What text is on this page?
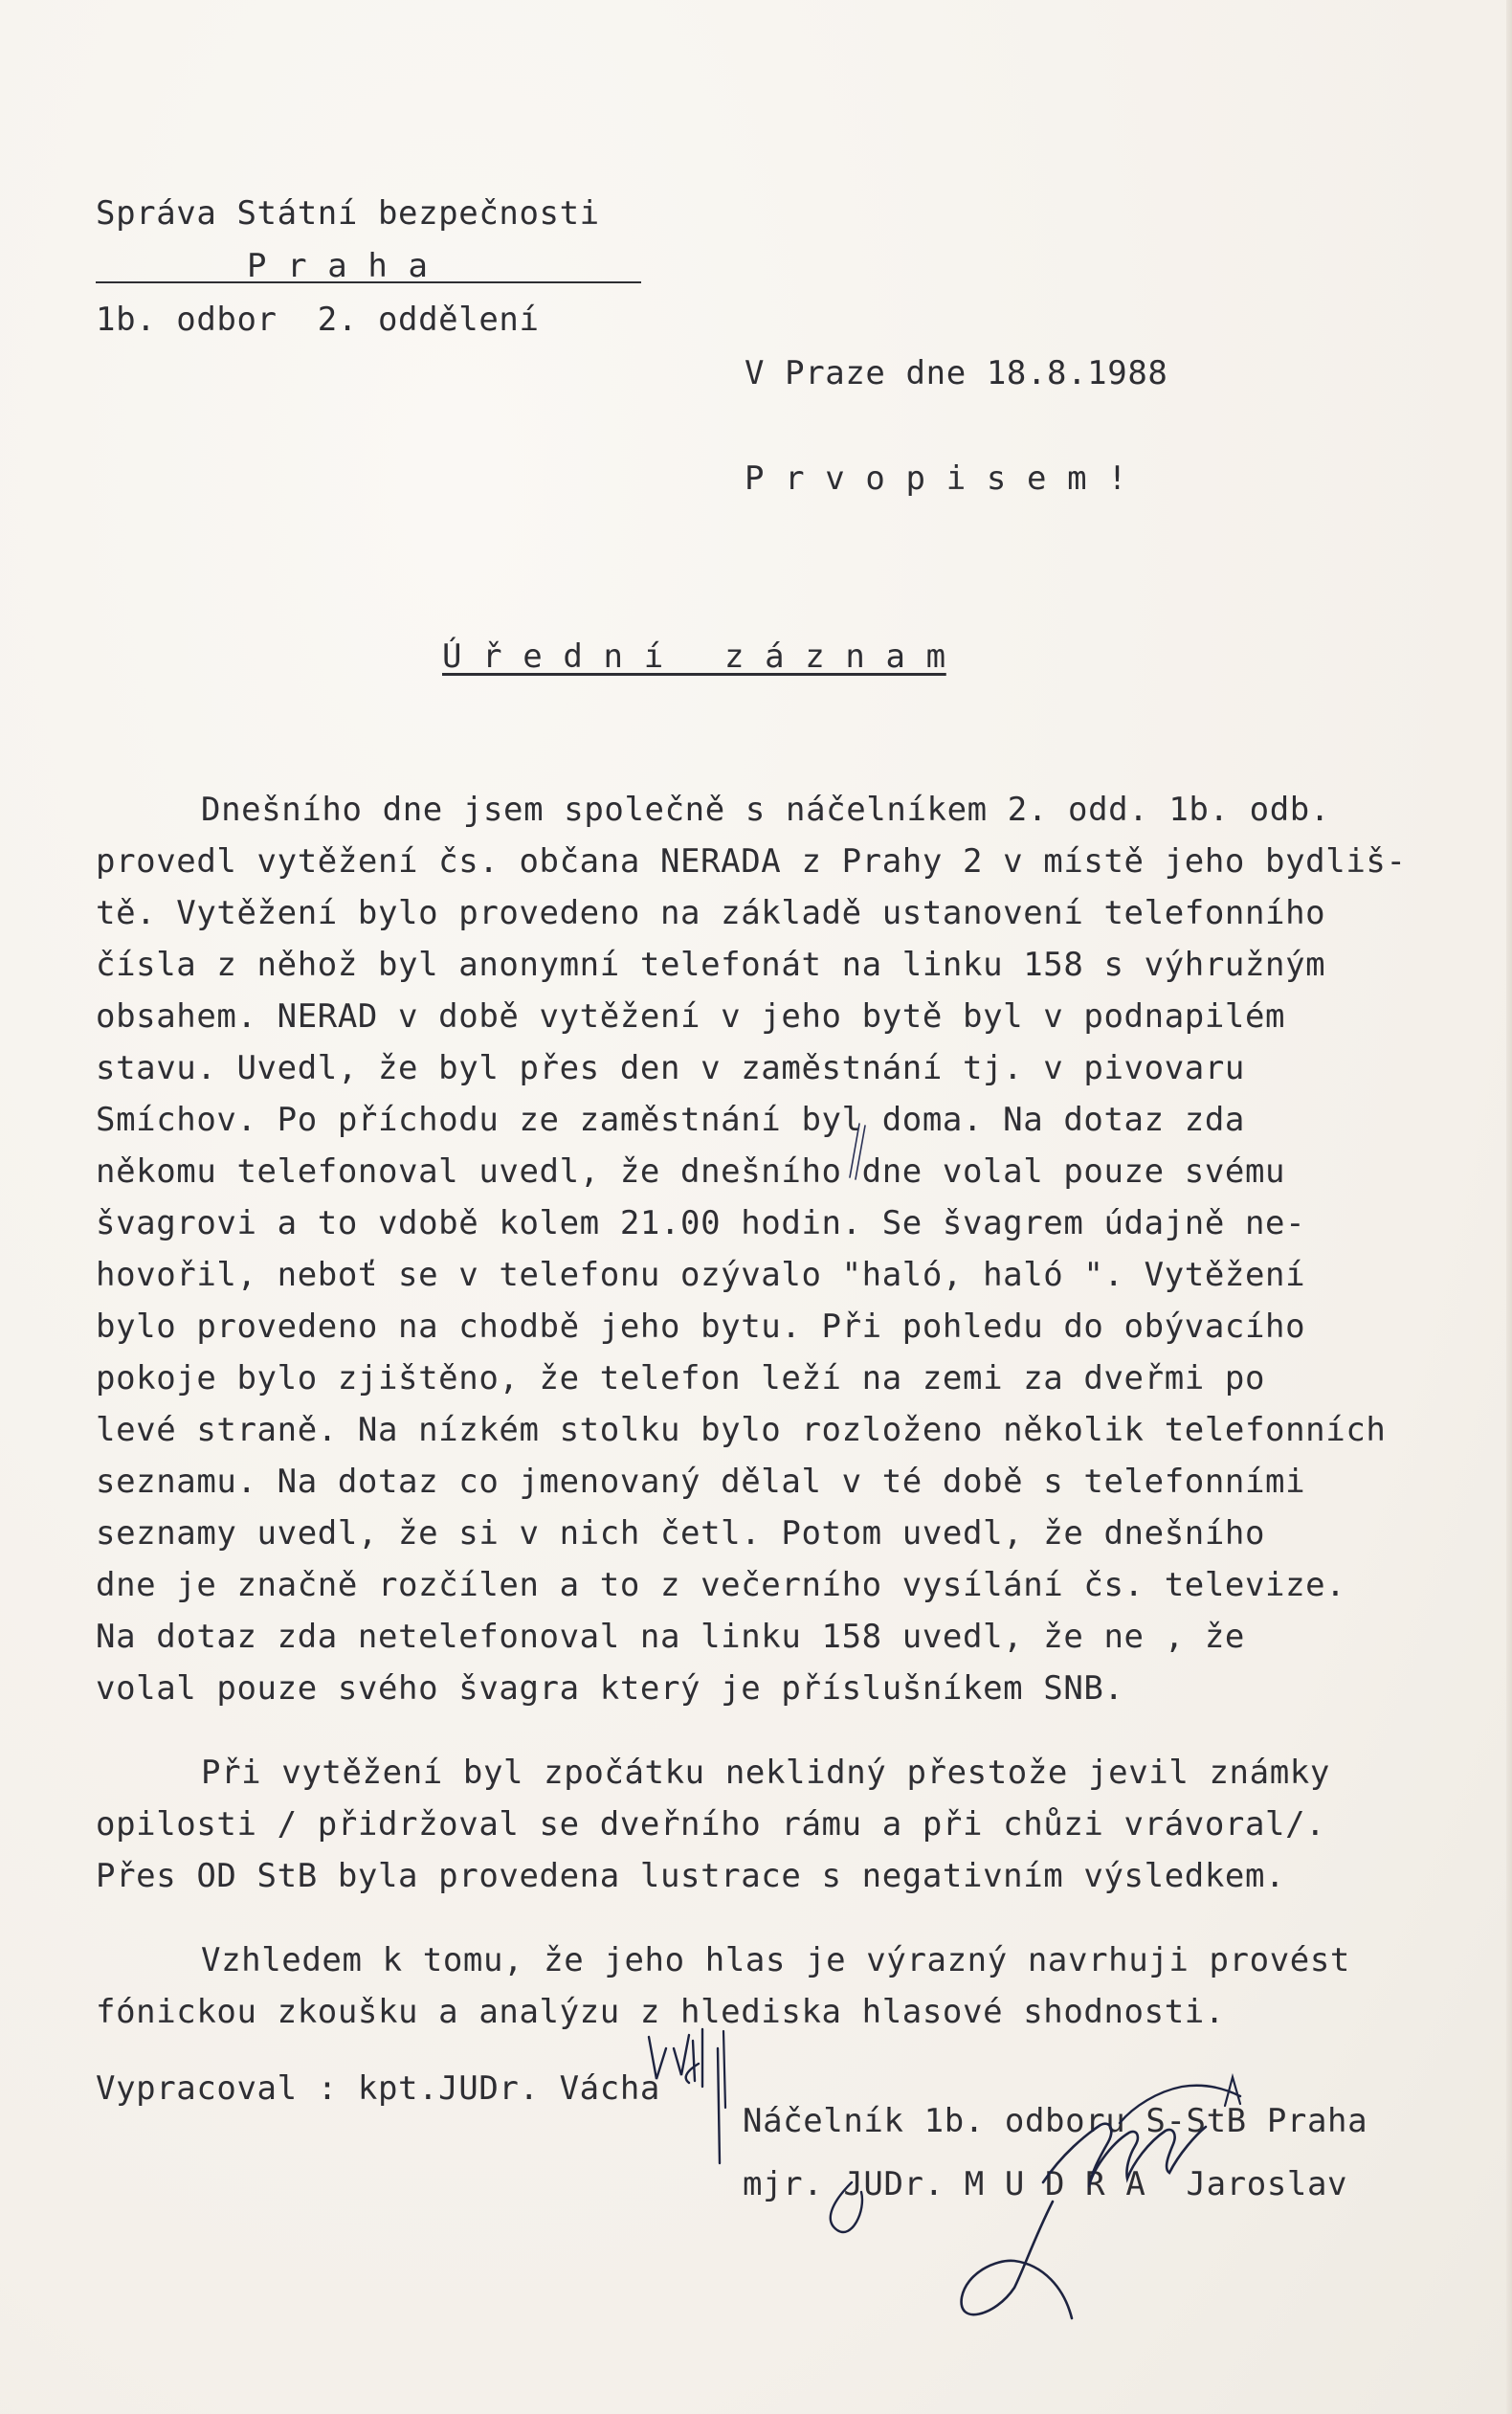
Správa Státní bezpečnosti
P r a h a
1b. odbor  2. oddělení
V Praze dne 18.8.1988
P r v o p i s e m !
Ú ř e d n í   z á z n a m
Dnešního dne jsem společně s náčelníkem 2. odd. 1b. odb.
provedl vytěžení čs. občana NERADA z Prahy 2 v místě jeho bydliš-
tě. Vytěžení bylo provedeno na základě ustanovení telefonního
čísla z něhož byl anonymní telefonát na linku 158 s výhružným
obsahem. NERAD v době vytěžení v jeho bytě byl v podnapilém
stavu. Uvedl, že byl přes den v zaměstnání tj. v pivovaru
Smíchov. Po příchodu ze zaměstnání byl doma. Na dotaz zda
někomu telefonoval uvedl, že dnešního dne volal pouze svému
švagrovi a to vdobě kolem 21.00 hodin. Se švagrem údajně ne-
hovořil, neboť se v telefonu ozývalo "haló, haló ". Vytěžení
bylo provedeno na chodbě jeho bytu. Při pohledu do obývacího
pokoje bylo zjištěno, že telefon leží na zemi za dveřmi po
levé straně. Na nízkém stolku bylo rozloženo několik telefonních
seznamu. Na dotaz co jmenovaný dělal v té době s telefonními
seznamy uvedl, že si v nich četl. Potom uvedl, že dnešního
dne je značně rozčílen a to z večerního vysílání čs. televize.
Na dotaz zda netelefonoval na linku 158 uvedl, že ne , že
volal pouze svého švagra který je příslušníkem SNB.
Při vytěžení byl zpočátku neklidný přestože jevil známky
opilosti / přidržoval se dveřního rámu a při chůzi vrávoral/.
Přes OD StB byla provedena lustrace s negativním výsledkem.
Vzhledem k tomu, že jeho hlas je výrazný navrhuji provést
fónickou zkoušku a analýzu z hlediska hlasové shodnosti.
Vypracoval : kpt.JUDr. Vácha
Náčelník 1b. odboru S-StB Praha
mjr. JUDr. M U D R A  Jaroslav
